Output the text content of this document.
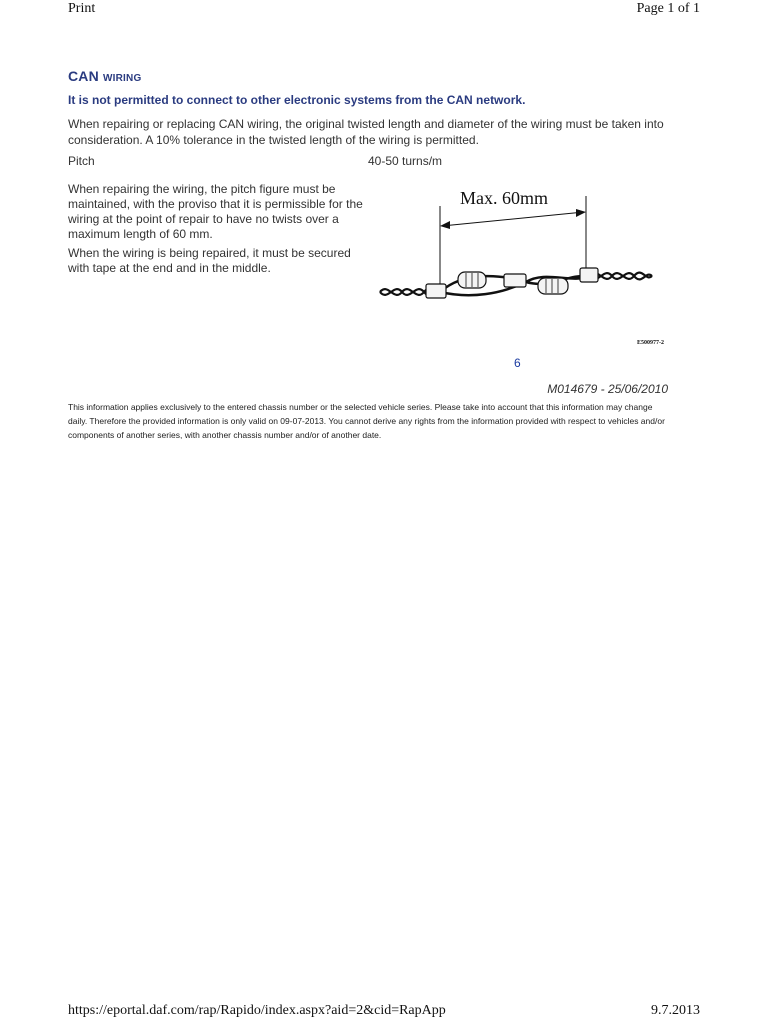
Print	Page 1 of 1
CAN wiring
It is not permitted to connect to other electronic systems from the CAN network.
When repairing or replacing CAN wiring, the original twisted length and diameter of the wiring must be taken into consideration. A 10% tolerance in the twisted length of the wiring is permitted.
Pitch	40-50 turns/m

When repairing the wiring, the pitch figure must be maintained, with the proviso that it is permissible for the wiring at the point of repair to have no twists over a maximum length of 60 mm.

When the wiring is being repaired, it must be secured with tape at the end and in the middle.

Max. 60mm
E500977-2
6
M014679 - 25/06/2010
This information applies exclusively to the entered chassis number or the selected vehicle series. Please take into account that this information may change daily. Therefore the provided information is only valid on 09-07-2013. You cannot derive any rights from the information provided with respect to vehicles and/or components of another series, with another chassis number and/or of another date.
https://eportal.daf.com/rap/Rapido/index.aspx?aid=2&cid=RapApp	9.7.2013
